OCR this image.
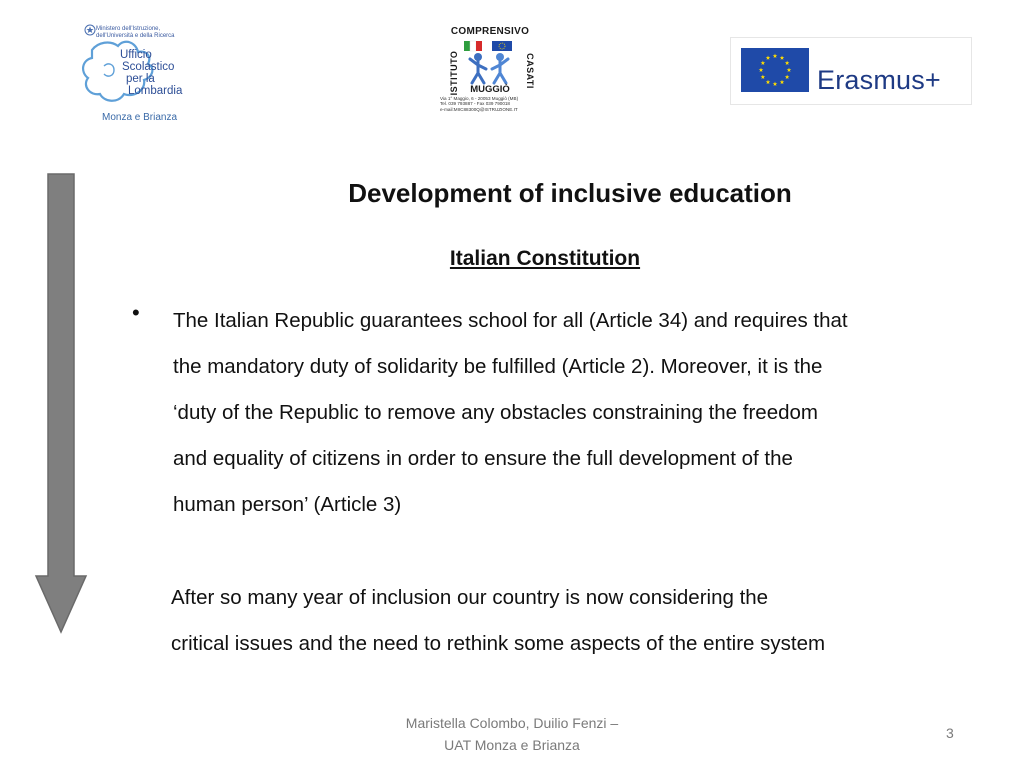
Ministero dell'Istruzione,
dell'Università e della Ricerca
Ufficio
Scolastico
per la
Lombardia
Monza e Brianza
COMPRENSIVO
ISTITUTO	CASATI
MUGGIÒ
Via 1° Maggio, 6 - 20053 Muggiò (MB)
Tel. 039 793887 - Fax 039 790018
e-mail:MIIC88300Q@ISTRUZIONE.IT
Erasmus+
Development of inclusive education
Italian Constitution
• The Italian Republic guarantees school for all (Article 34) and requires that
the mandatory duty of solidarity be fulfilled (Article 2). Moreover, it is the
‘duty of the Republic to remove any obstacles constraining the freedom
and equality of citizens in order to ensure the full development of the
human person’ (Article 3)

After so many year of inclusion our country is now considering the
critical issues and the need to rethink some aspects of the entire system

Maristella Colombo, Duilio Fenzi –
UAT Monza e Brianza
3
